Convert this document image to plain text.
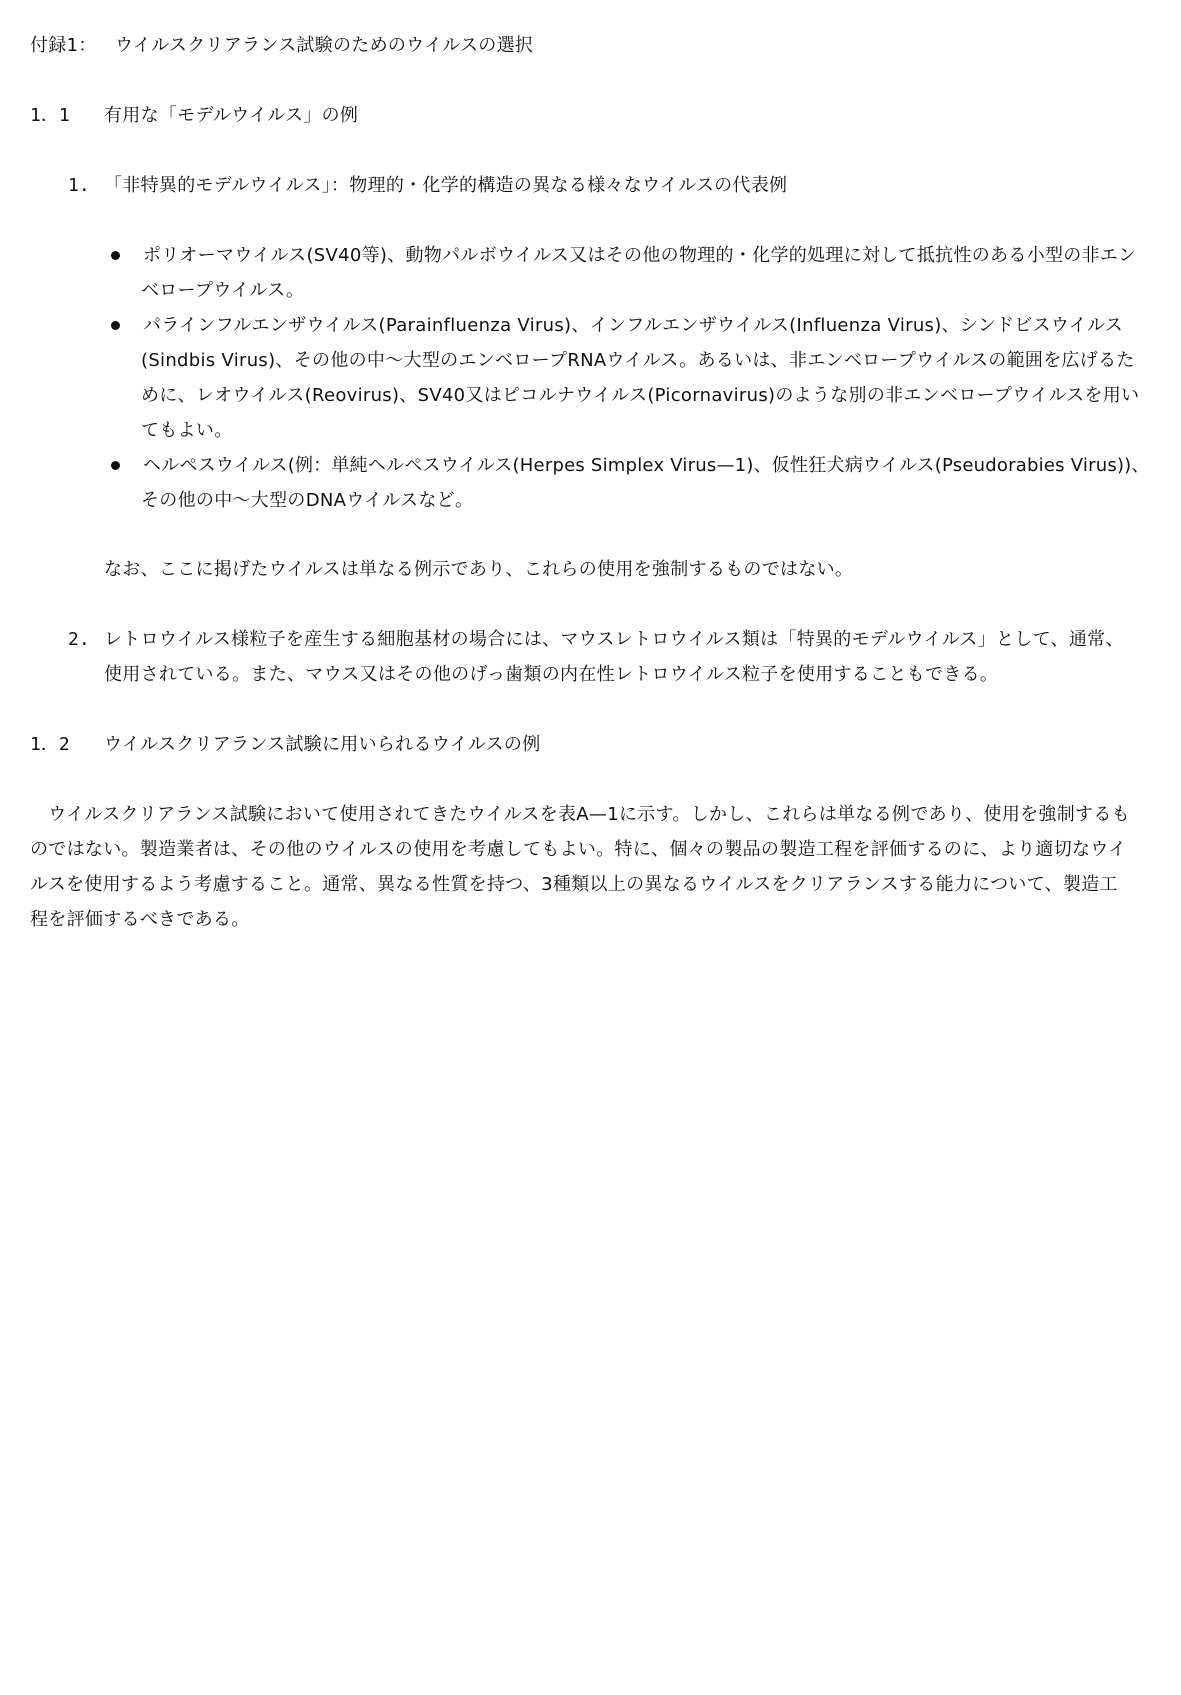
付録1： ウイルスクリアランス試験のためのウイルスの選択
1．1 有用な「モデルウイルス」の例
1. 「非特異的モデルウイルス」：物理的・化学的構造の異なる様々なウイルスの代表例
ポリオーマウイルス(SV40等)、動物パルボウイルス又はその他の物理的・化学的処理に対して抵抗性のある小型の非エン
ベロープウイルス。
パラインフルエンザウイルス(Parainfluenza Virus)、インフルエンザウイルス(Influenza Virus)、シンドビスウイルス
(Sindbis Virus)、その他の中～大型のエンベロープRNAウイルス。あるいは、非エンベロープウイルスの範囲を広げるた
めに、レオウイルス(Reovirus)、SV40又はピコルナウイルス(Picornavirus)のような別の非エンベロープウイルスを用い
てもよい。
ヘルペスウイルス(例：単純ヘルペスウイルス(Herpes Simplex Virus—1)、仮性狂犬病ウイルス(Pseudorabies Virus))、
その他の中～大型のDNAウイルスなど。
なお、ここに掲げたウイルスは単なる例示であり、これらの使用を強制するものではない。
2. レトロウイルス様粒子を産生する細胞基材の場合には、マウスレトロウイルス類は「特異的モデルウイルス」として、通常、
使用されている。また、マウス又はその他のげっ歯類の内在性レトロウイルス粒子を使用することもできる。
1．2 ウイルスクリアランス試験に用いられるウイルスの例
　ウイルスクリアランス試験において使用されてきたウイルスを表A—1に示す。しかし、これらは単なる例であり、使用を強制するも
のではない。製造業者は、その他のウイルスの使用を考慮してもよい。特に、個々の製品の製造工程を評価するのに、より適切なウイ
ルスを使用するよう考慮すること。通常、異なる性質を持つ、3種類以上の異なるウイルスをクリアランスする能力について、製造工
程を評価するべきである。
